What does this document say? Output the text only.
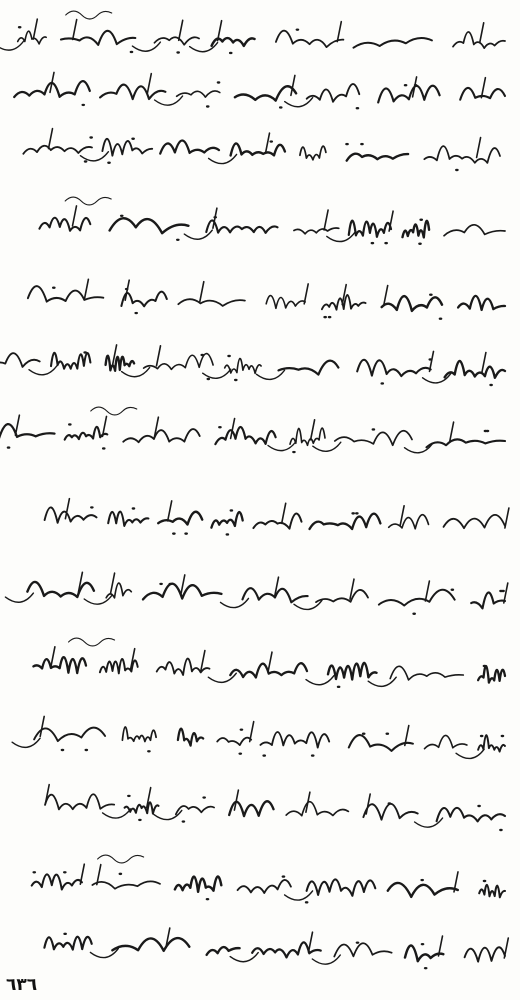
٦٣٦
